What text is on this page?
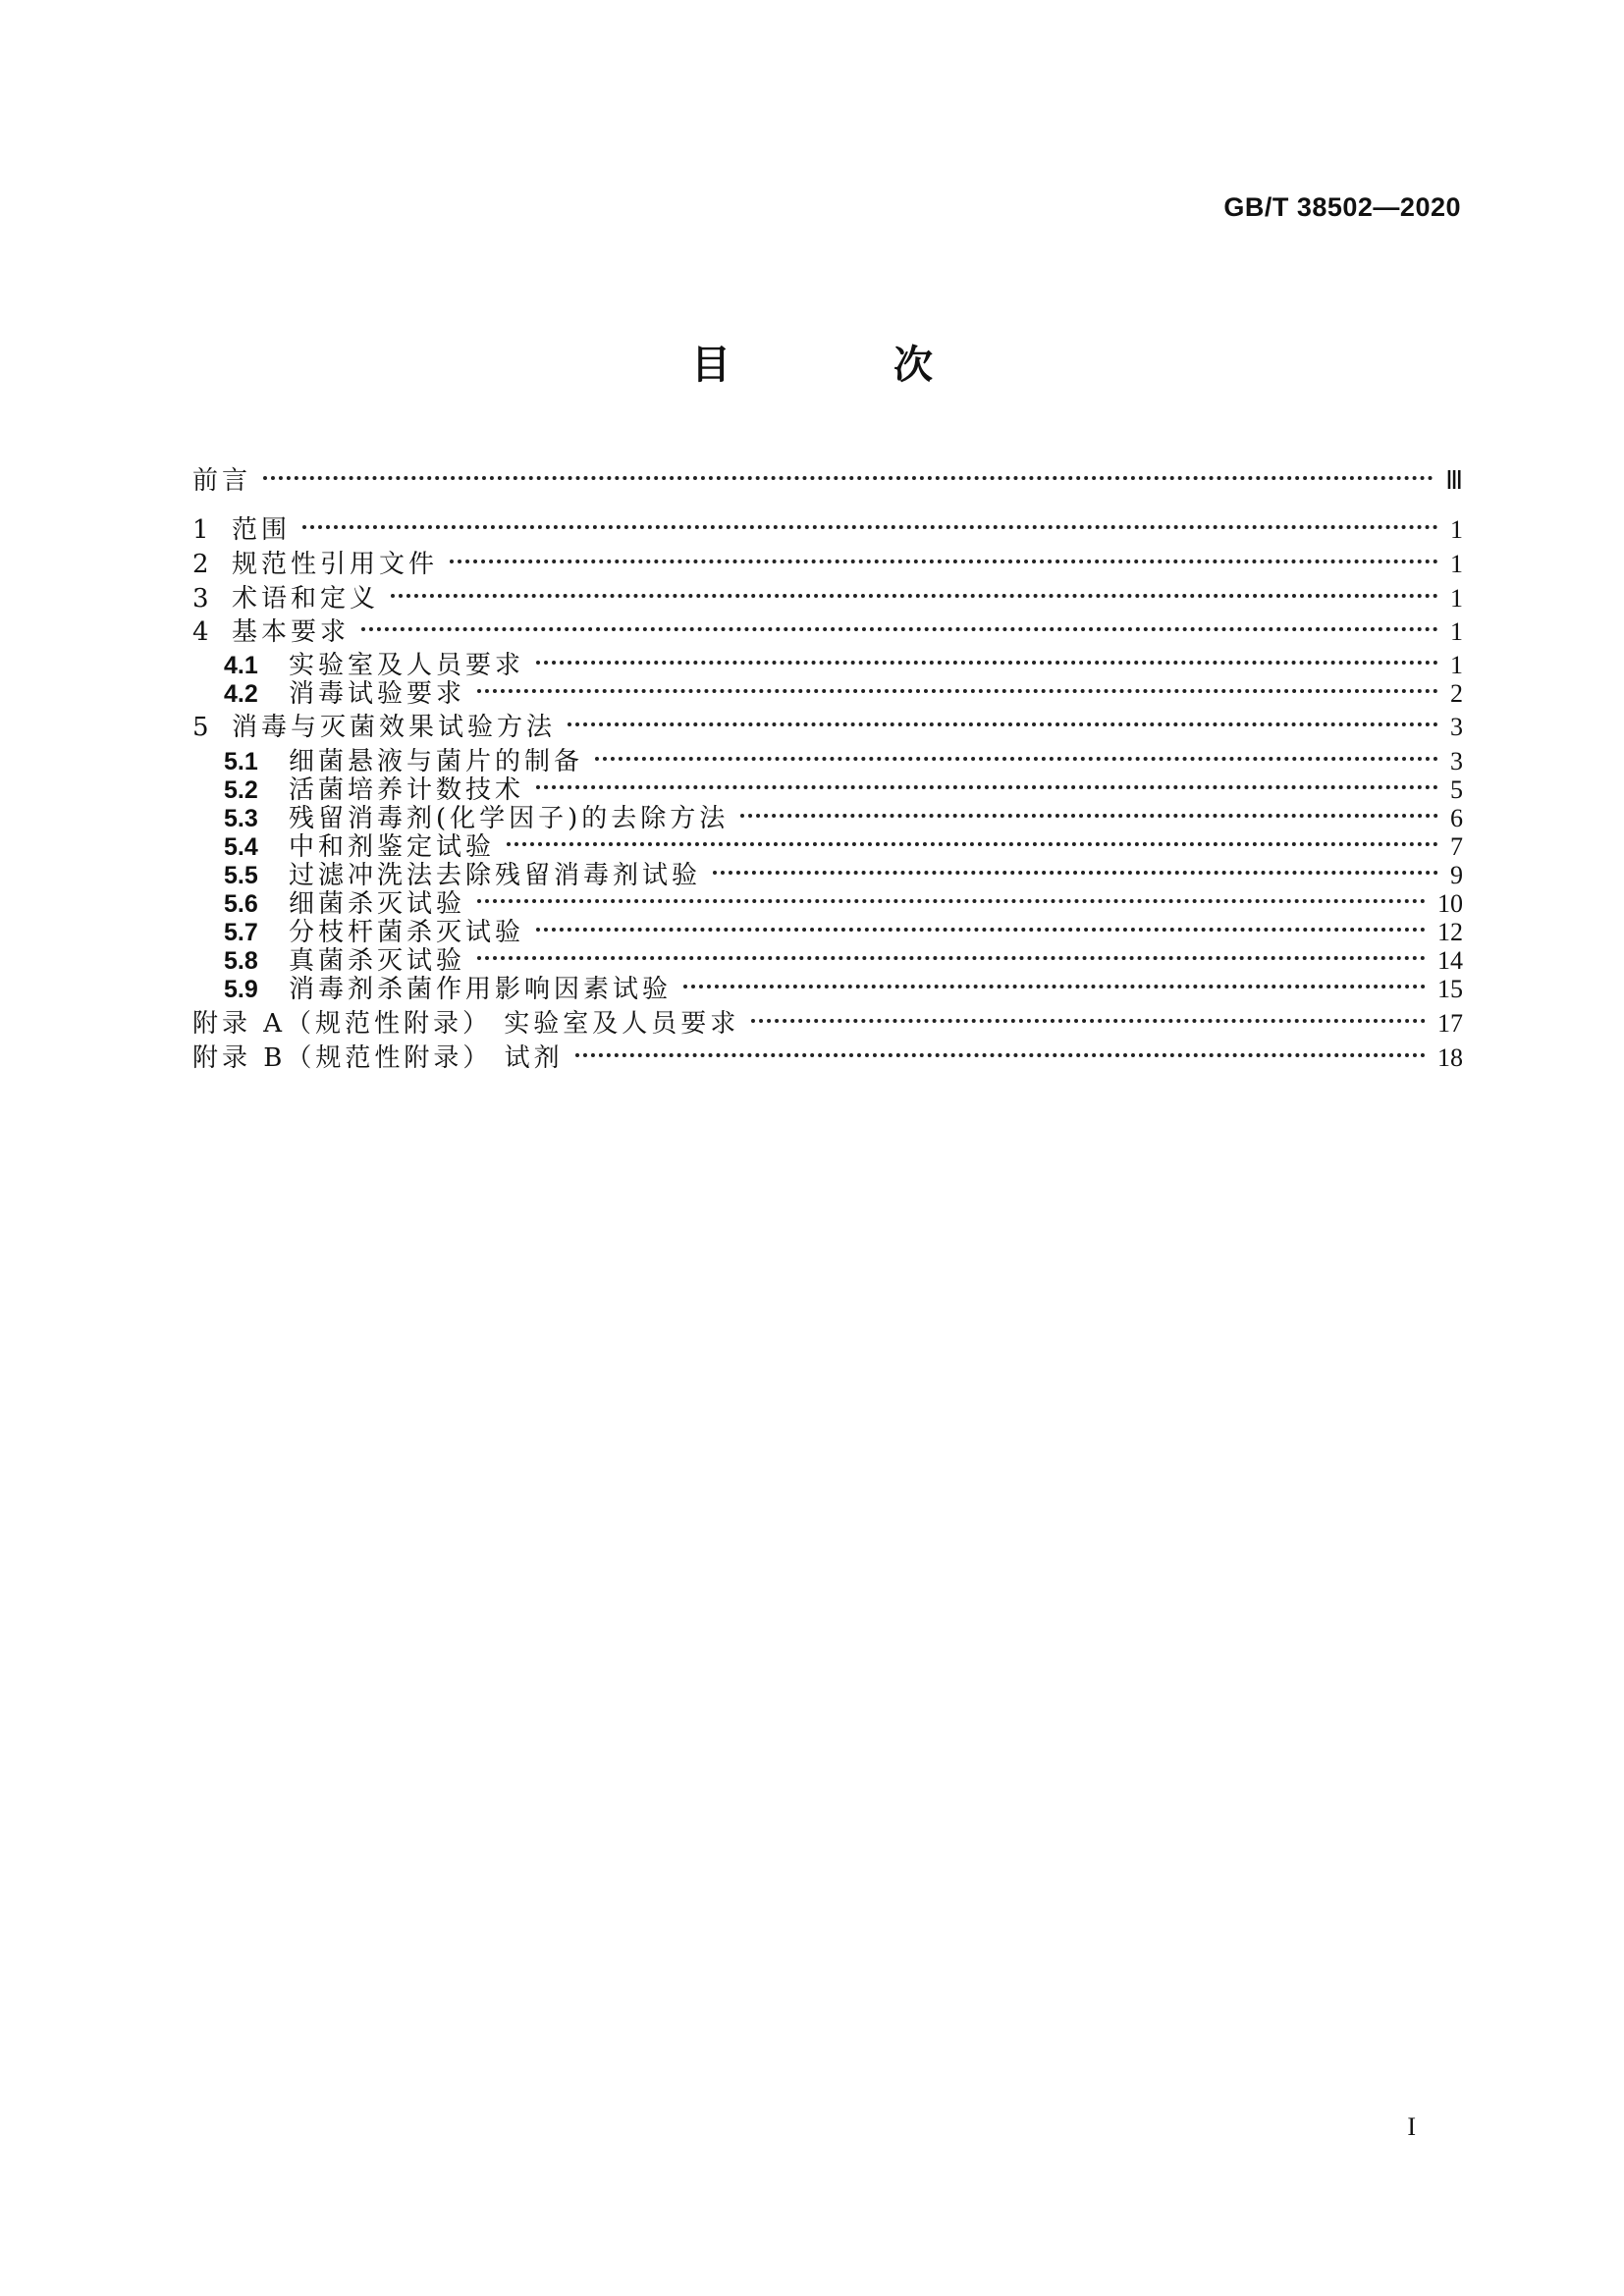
GB/T 38502—2020
目 次
前言	Ⅲ
1 范围	1
2 规范性引用文件	1
3 术语和定义	1
4 基本要求	1
4.1	实验室及人员要求	1
4.2	消毒试验要求	2
5 消毒与灭菌效果试验方法	3
5.1	细菌悬液与菌片的制备	3
5.2	活菌培养计数技术	5
5.3	残留消毒剂(化学因子)的去除方法	6
5.4	中和剂鉴定试验	7
5.5	过滤冲洗法去除残留消毒剂试验	9
5.6	细菌杀灭试验	10
5.7	分枝杆菌杀灭试验	12
5.8	真菌杀灭试验	14
5.9	消毒剂杀菌作用影响因素试验	15
附录 A（规范性附录） 实验室及人员要求	17
附录 B（规范性附录） 试剂	18
I
